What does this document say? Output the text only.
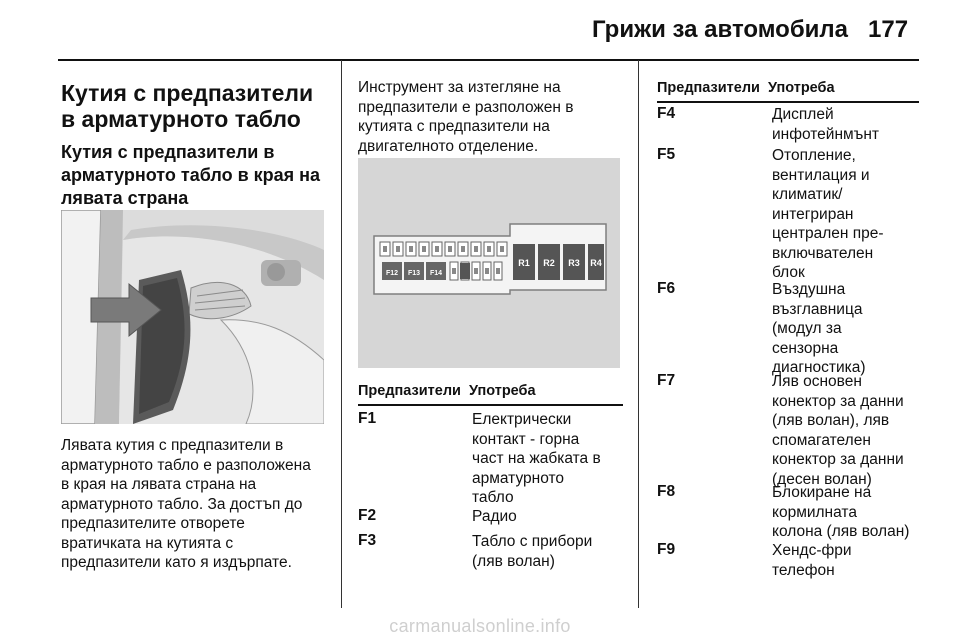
Грижи за автомобила 177
Кутия с предпазители в арматурното табло
Кутия с предпазители в арматурното табло в края на лявата страна
Лявата кутия с предпазители в
арматурното табло е разположена
в края на лявата страна на
арматурното табло. За достъп до
предпазителите отворете
вратичката на кутията с
предпазители като я издърпате.
Инструмент за изтегляне на
предпазители е разположен в
кутията с предпазители на
двигателното отделение.
F12 F13 F14
R1 R2 R3 R4
Предпазители Употреба
F1	Електрически
контакт - горна
част на жабката в
арматурното
табло
F2	Радио
F3	Табло с прибори
(ляв волан)
Предпазители Употреба
F4	Дисплей
инфотейнмънт
F5	Отопление,
вентилация и
климатик/
интегриран
централен пре-
включвателен
блок
F6	Въздушна
възглавница
(модул за
сензорна
диагностика)
F7	Ляв основен
конектор за данни
(ляв волан), ляв
спомагателен
конектор за данни
(десен волан)
F8	Блокиране на
кормилната
колона (ляв волан)
F9	Хендс-фри
телефон
carmanualsonline.info
